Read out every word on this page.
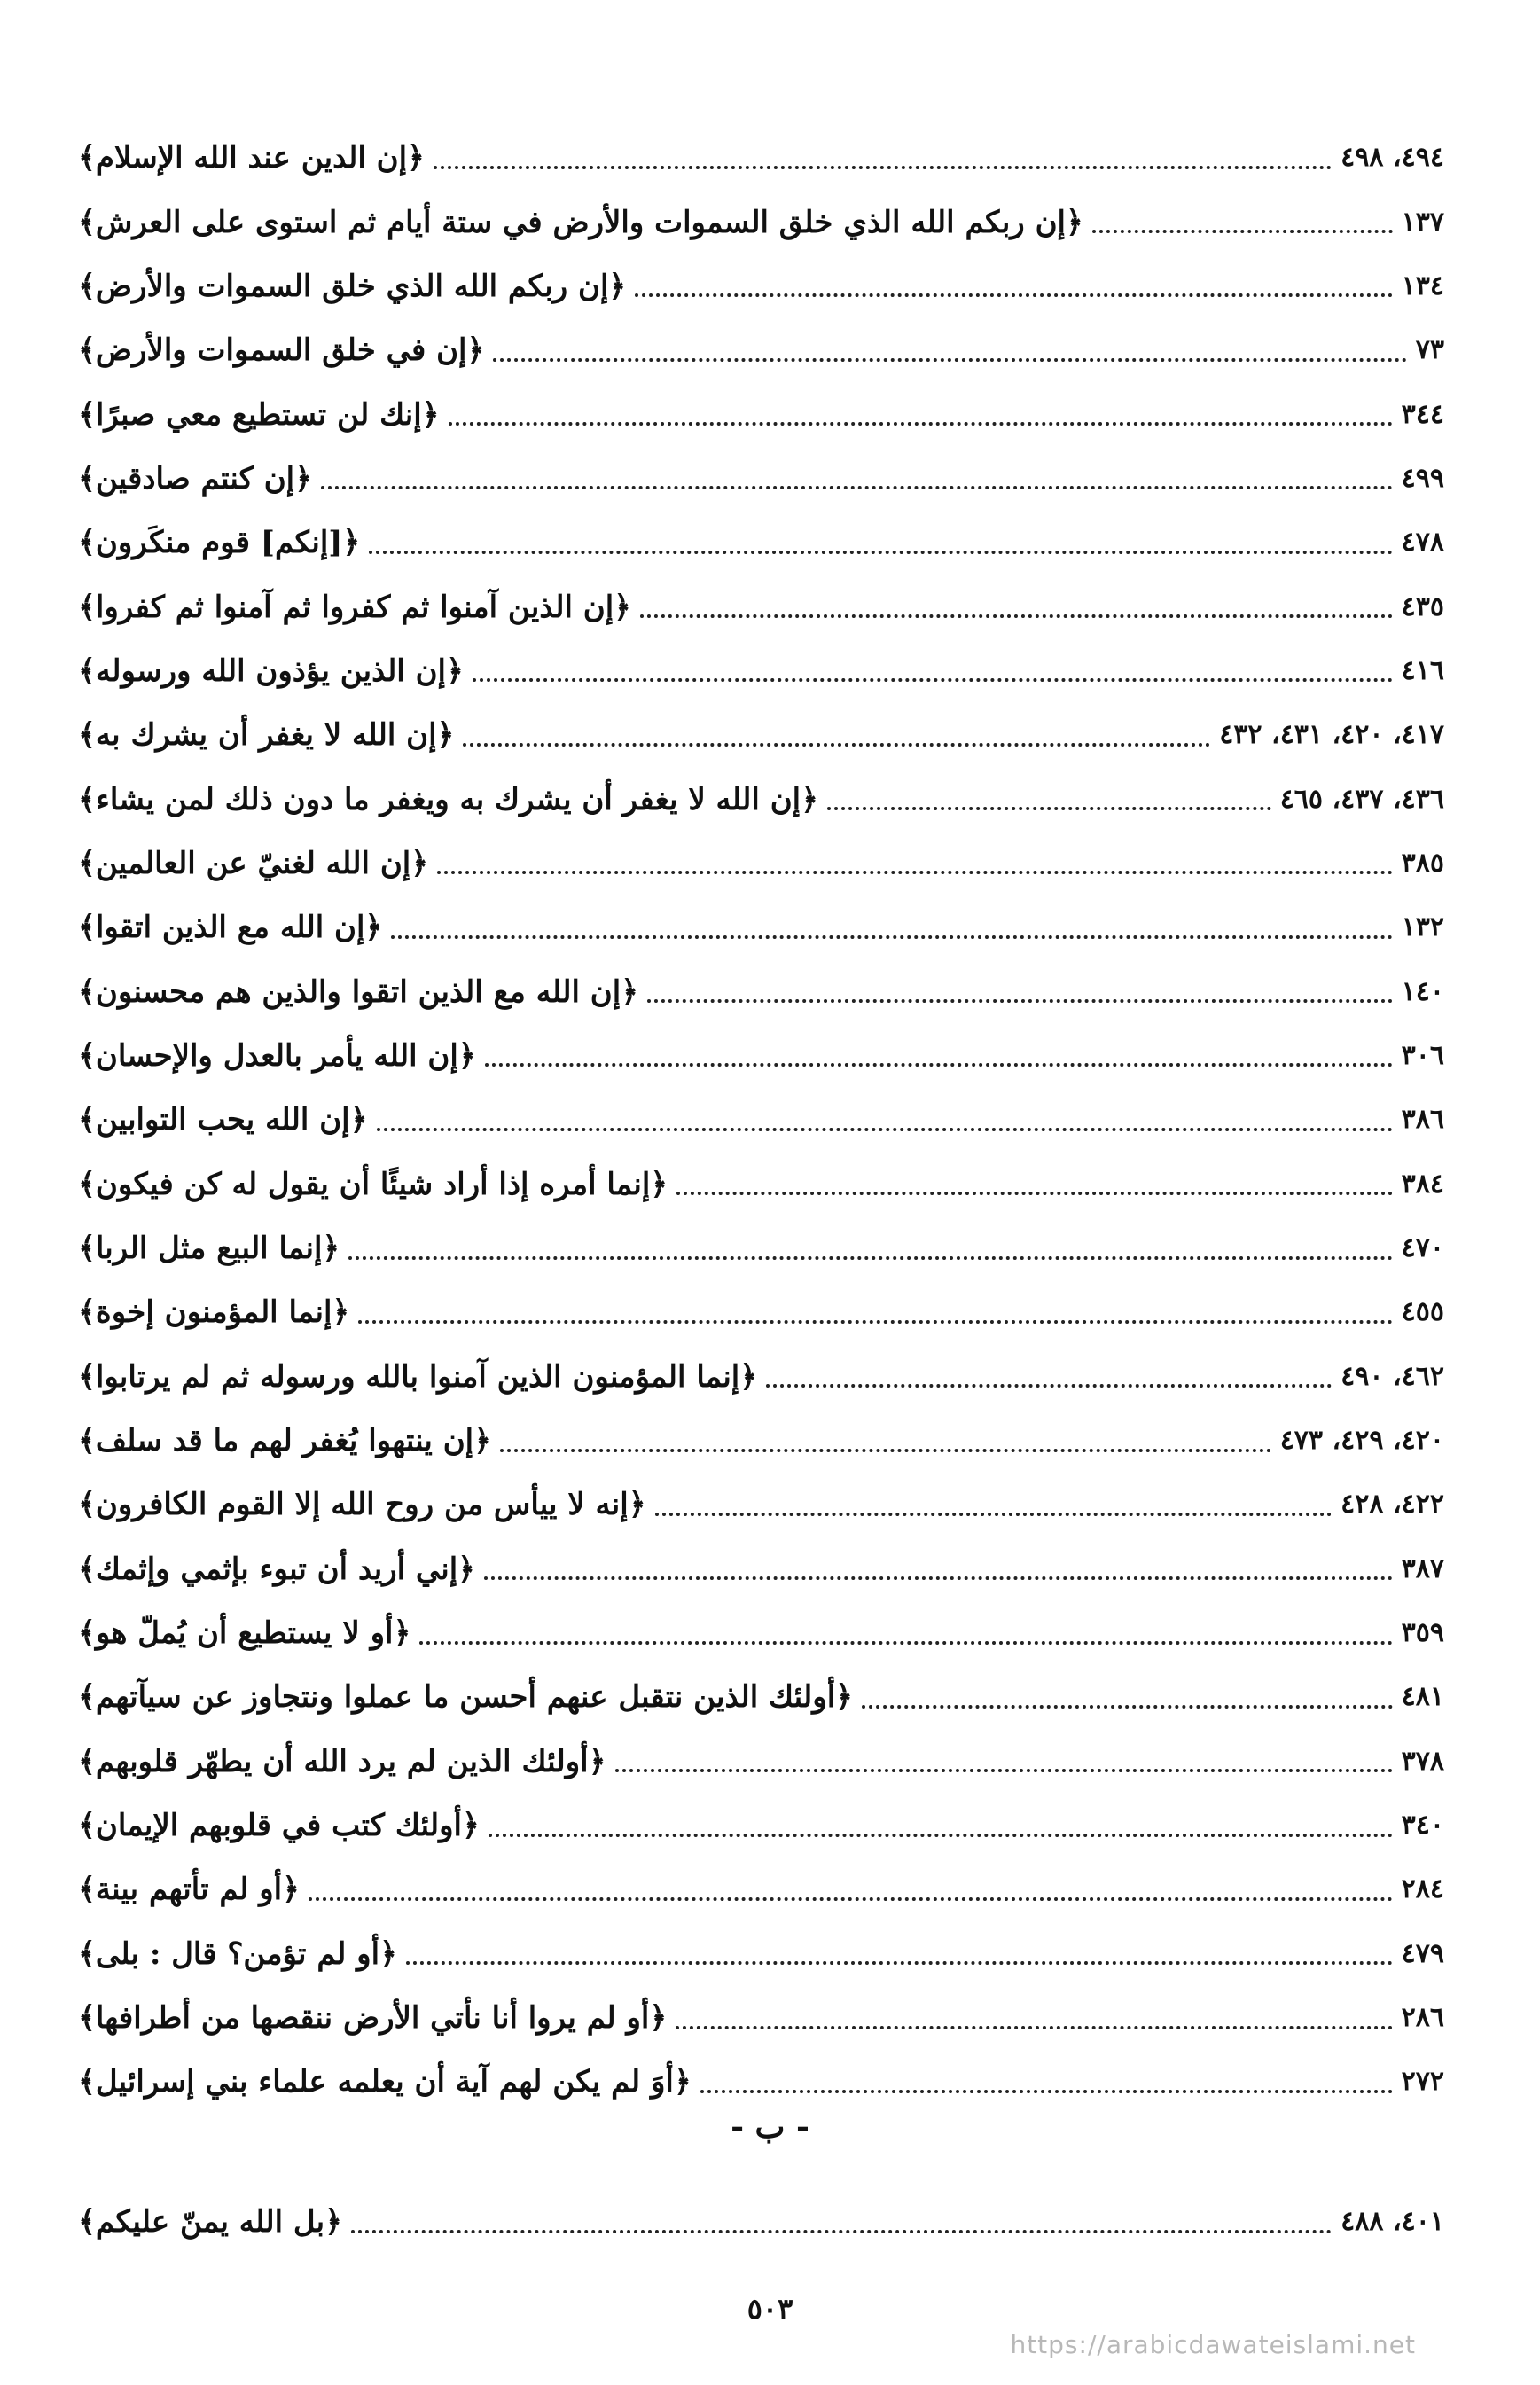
﴿إن الدين عند الله الإسلام﴾	٤٩٤، ٤٩٨
﴿إن ربكم الله الذي خلق السموات والأرض في ستة أيام ثم استوى على العرش﴾	١٣٧
﴿إن ربكم الله الذي خلق السموات والأرض﴾	١٣٤
﴿إن في خلق السموات والأرض﴾	٧٣
﴿إنك لن تستطيع معي صبرًا﴾	٣٤٤
﴿إن كنتم صادقين﴾	٤٩٩
﴿[إنكم] قوم منكَرون﴾	٤٧٨
﴿إن الذين آمنوا ثم كفروا ثم آمنوا ثم كفروا﴾	٤٣٥
﴿إن الذين يؤذون الله ورسوله﴾	٤١٦
﴿إن الله لا يغفر أن يشرك به﴾	٤١٧، ٤٢٠، ٤٣١، ٤٣٢
﴿إن الله لا يغفر أن يشرك به ويغفر ما دون ذلك لمن يشاء﴾	٤٣٦، ٤٣٧، ٤٦٥
﴿إن الله لغنيّ عن العالمين﴾	٣٨٥
﴿إن الله مع الذين اتقوا﴾	١٣٢
﴿إن الله مع الذين اتقوا والذين هم محسنون﴾	١٤٠
﴿إن الله يأمر بالعدل والإحسان﴾	٣٠٦
﴿إن الله يحب التوابين﴾	٣٨٦
﴿إنما أمره إذا أراد شيئًا أن يقول له كن فيكون﴾	٣٨٤
﴿إنما البيع مثل الربا﴾	٤٧٠
﴿إنما المؤمنون إخوة﴾	٤٥٥
﴿إنما المؤمنون الذين آمنوا بالله ورسوله ثم لم يرتابوا﴾	٤٦٢، ٤٩٠
﴿إن ينتهوا يُغفر لهم ما قد سلف﴾	٤٢٠، ٤٢٩، ٤٧٣
﴿إنه لا ييأس من روح الله إلا القوم الكافرون﴾	٤٢٢، ٤٢٨
﴿إني أريد أن تبوء بإثمي وإثمك﴾	٣٨٧
﴿أو لا يستطيع أن يُملّ هو﴾	٣٥٩
﴿أولئك الذين نتقبل عنهم أحسن ما عملوا ونتجاوز عن سيآتهم﴾	٤٨١
﴿أولئك الذين لم يرد الله أن يطهّر قلوبهم﴾	٣٧٨
﴿أولئك كتب في قلوبهم الإيمان﴾	٣٤٠
﴿أو لم تأتهم بينة﴾	٢٨٤
﴿أو لم تؤمن؟ قال : بلى﴾	٤٧٩
﴿أو لم يروا أنا نأتي الأرض ننقصها من أطرافها﴾	٢٨٦
﴿أوَ لم يكن لهم آية أن يعلمه علماء بني إسرائيل﴾	٢٧٢
- ب -
﴿بل الله يمنّ عليكم﴾	٤٠١، ٤٨٨
٥٠٣
https://arabicdawateislami.net
